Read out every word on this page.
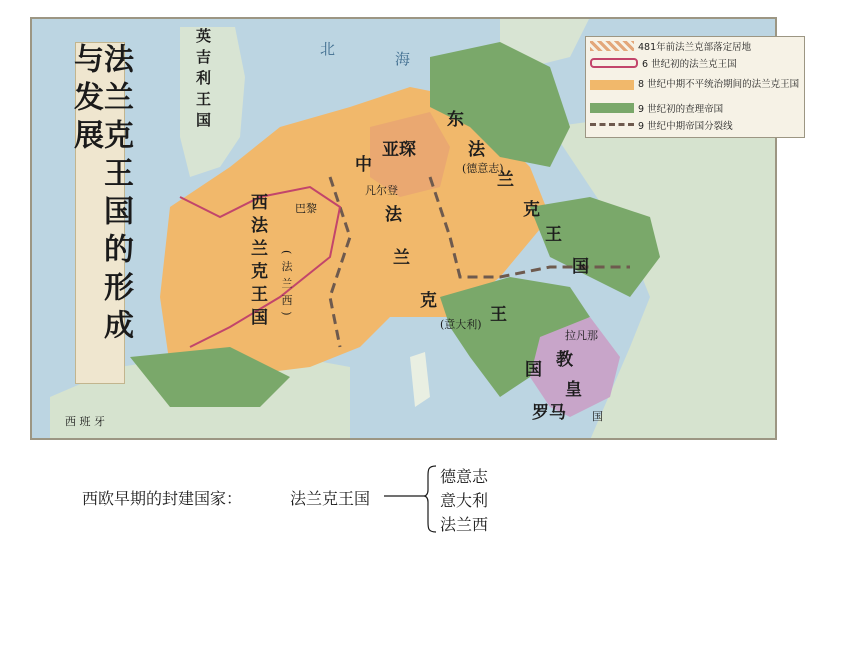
法兰克王国的形成与发展	481年前法兰克部落定居地
6 世纪初的法兰克王国
8 世纪中期不平统治期间的法兰克王国
9 世纪初的查理帝国
9 世纪中期帝国分裂线
英吉利王国	北
海
中
亚琛
凡尔登
法
兰
克
王
国
(意大利)
巴黎
西法兰克王国 (法兰西)
东
法
兰
克
王
国
(德意志)
拉凡那
教
皇
国
罗马
西 班 牙
西欧早期的封建国家：	法兰克王国
德意志
意大利
法兰西
